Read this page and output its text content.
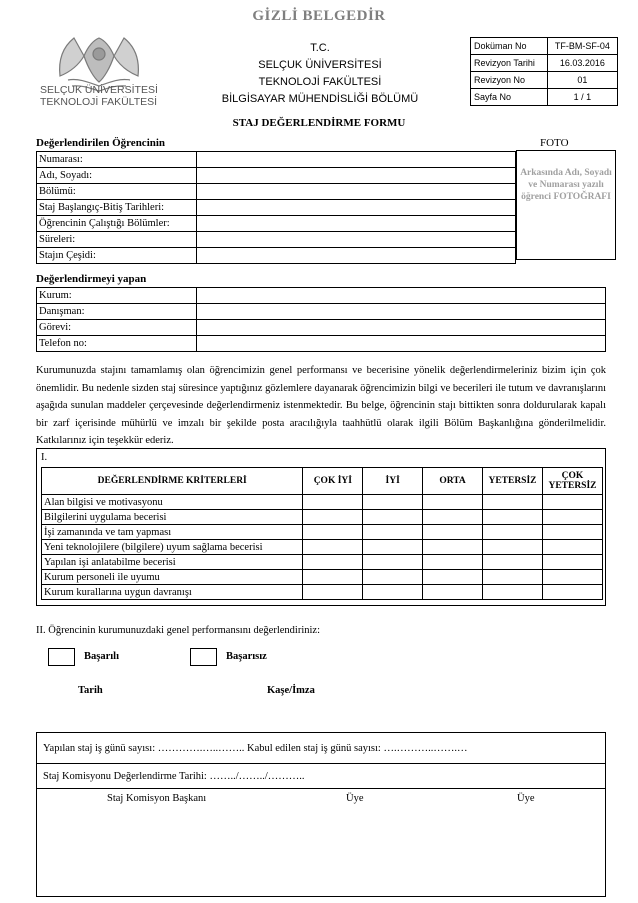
GİZLİ BELGEDİR
SELÇUK ÜNİVERSİTESİ
TEKNOLOJİ FAKÜLTESİ
T.C.
SELÇUK ÜNİVERSİTESİ
TEKNOLOJİ FAKÜLTESİ
BİLGİSAYAR MÜHENDİSLİĞİ BÖLÜMÜ
Doküman No	TF-BM-SF-04
Revizyon Tarihi	16.03.2016
Revizyon No	01
Sayfa No	1 / 1
STAJ DEĞERLENDİRME FORMU
Değerlendirilen Öğrencinin	FOTO
Numarası:	
Adı, Soyadı:	
Bölümü:	
Staj Başlangıç-Bitiş Tarihleri:	
Öğrencinin Çalıştığı Bölümler:	
Süreleri:	
Stajın Çeşidi:	
Arkasında Adı, Soyadı ve Numarası yazılı öğrenci FOTOĞRAFI
Değerlendirmeyi yapan
Kurum:	
Danışman:	
Görevi:	
Telefon no:	
Kurumunuzda stajını tamamlamış olan öğrencimizin genel performansı ve becerisine yönelik değerlendirmeleriniz bizim için çok önemlidir. Bu nedenle sizden staj süresince yaptığınız gözlemlere dayanarak öğrencimizin bilgi ve becerileri ile tutum ve davranışlarını aşağıda sunulan maddeler çerçevesinde değerlendirmeniz istenmektedir. Bu belge, öğrencinin stajı bittikten sonra doldurularak kapalı bir zarf içerisinde mühürlü ve imzalı bir şekilde posta aracılığıyla taahhütlü olarak ilgili Bölüm Başkanlığına gönderilmelidir. Katkılarınız için teşekkür ederiz.
I.
DEĞERLENDİRME KRİTERLERİ	ÇOK İYİ	İYİ	ORTA	YETERSİZ	ÇOK YETERSİZ
Alan bilgisi ve motivasyonu					
Bilgilerini uygulama becerisi					
İşi zamanında ve tam yapması					
Yeni teknolojilere (bilgilere) uyum sağlama becerisi					
Yapılan işi anlatabilme becerisi					
Kurum personeli ile uyumu					
Kurum kurallarına uygun davranışı					
II. Öğrencinin kurumunuzdaki genel performansını değerlendiriniz:
Başarılı	Başarısız
Tarih	Kaşe/İmza
Yapılan staj iş günü sayısı: ………….…..…….. Kabul edilen staj iş günü sayısı: ….………..…….…
Staj Komisyonu Değerlendirme Tarihi: ……../……../………..
Staj Komisyon Başkanı	Üye	Üye
